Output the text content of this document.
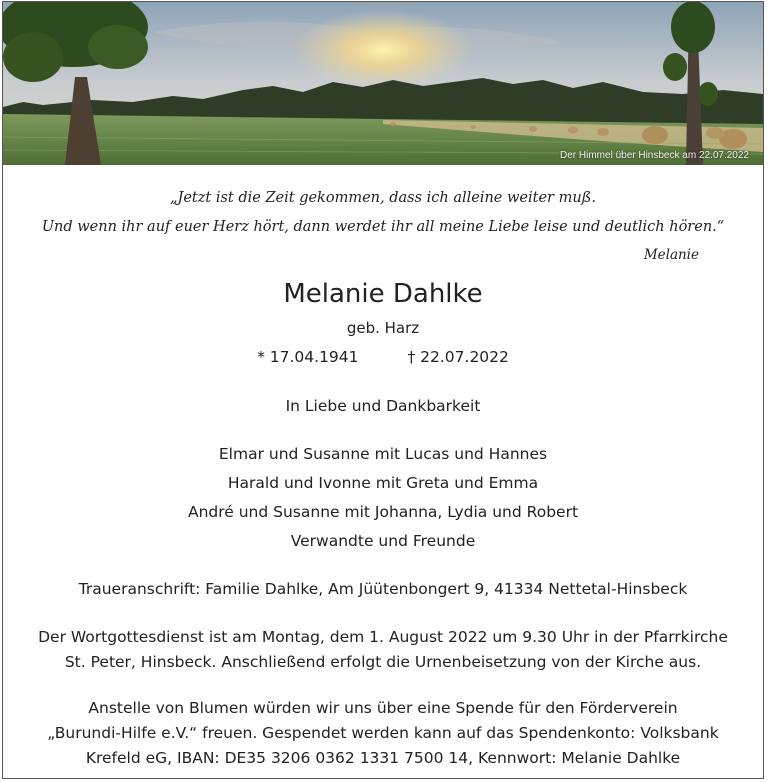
Der Himmel über Hinsbeck am 22.07.2022
„Jetzt ist die Zeit gekommen, dass ich alleine weiter muß.
Und wenn ihr auf euer Herz hört, dann werdet ihr all meine Liebe leise und deutlich hören.“
Melanie
Melanie Dahlke
geb. Harz
* 17.04.1941	† 22.07.2022
In Liebe und Dankbarkeit
Elmar und Susanne mit Lucas und Hannes
Harald und Ivonne mit Greta und Emma
André und Susanne mit Johanna, Lydia und Robert
Verwandte und Freunde
Traueranschrift: Familie Dahlke, Am Jüütenbongert 9, 41334 Nettetal-Hinsbeck
Der Wortgottesdienst ist am Montag, dem 1. August 2022 um 9.30 Uhr in der Pfarrkirche
St. Peter, Hinsbeck. Anschließend erfolgt die Urnenbeisetzung von der Kirche aus.
Anstelle von Blumen würden wir uns über eine Spende für den Förderverein
„Burundi-Hilfe e.V.“ freuen. Gespendet werden kann auf das Spendenkonto: Volksbank
Krefeld eG, IBAN: DE35 3206 0362 1331 7500 14, Kennwort: Melanie Dahlke
